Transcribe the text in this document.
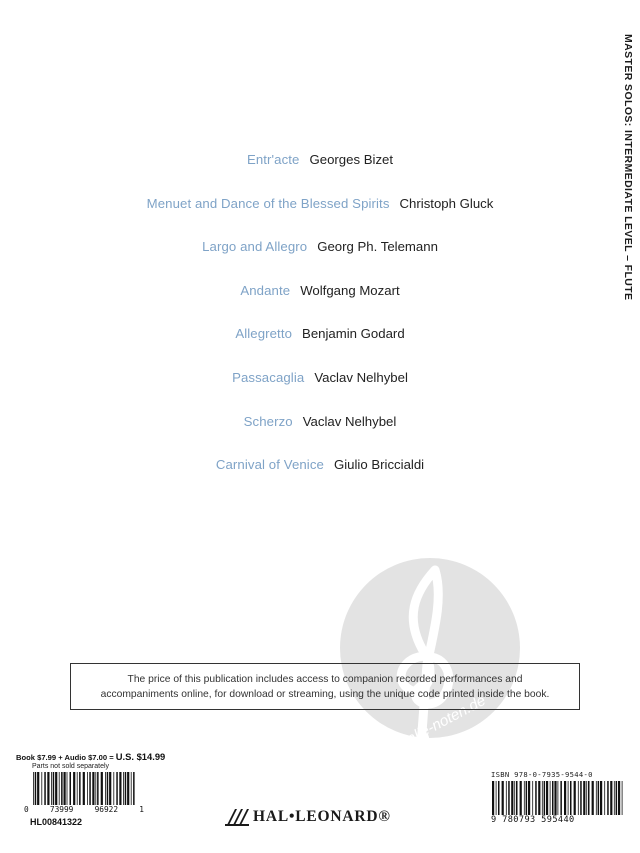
MASTER SOLOS: INTERMEDIATE LEVEL – FLUTE
Entr'acte Georges Bizet
Menuet and Dance of the Blessed Spirits Christoph Gluck
Largo and Allegro Georg Ph. Telemann
Andante Wolfgang Mozart
Allegretto Benjamin Godard
Passacaglia Vaclav Nelhybel
Scherzo Vaclav Nelhybel
Carnival of Venice Giulio Briccialdi
alle-noten.de
The price of this publication includes access to companion recorded performances and
accompaniments online, for download or streaming, using the unique code printed inside the book.
Book $7.99 + Audio $7.00 = U.S. $14.99
Parts not sold separately
0	73999	96922	1
HL00841322	HAL•LEONARD®
ISBN 978-0-7935-9544-0
9 780793 595440
